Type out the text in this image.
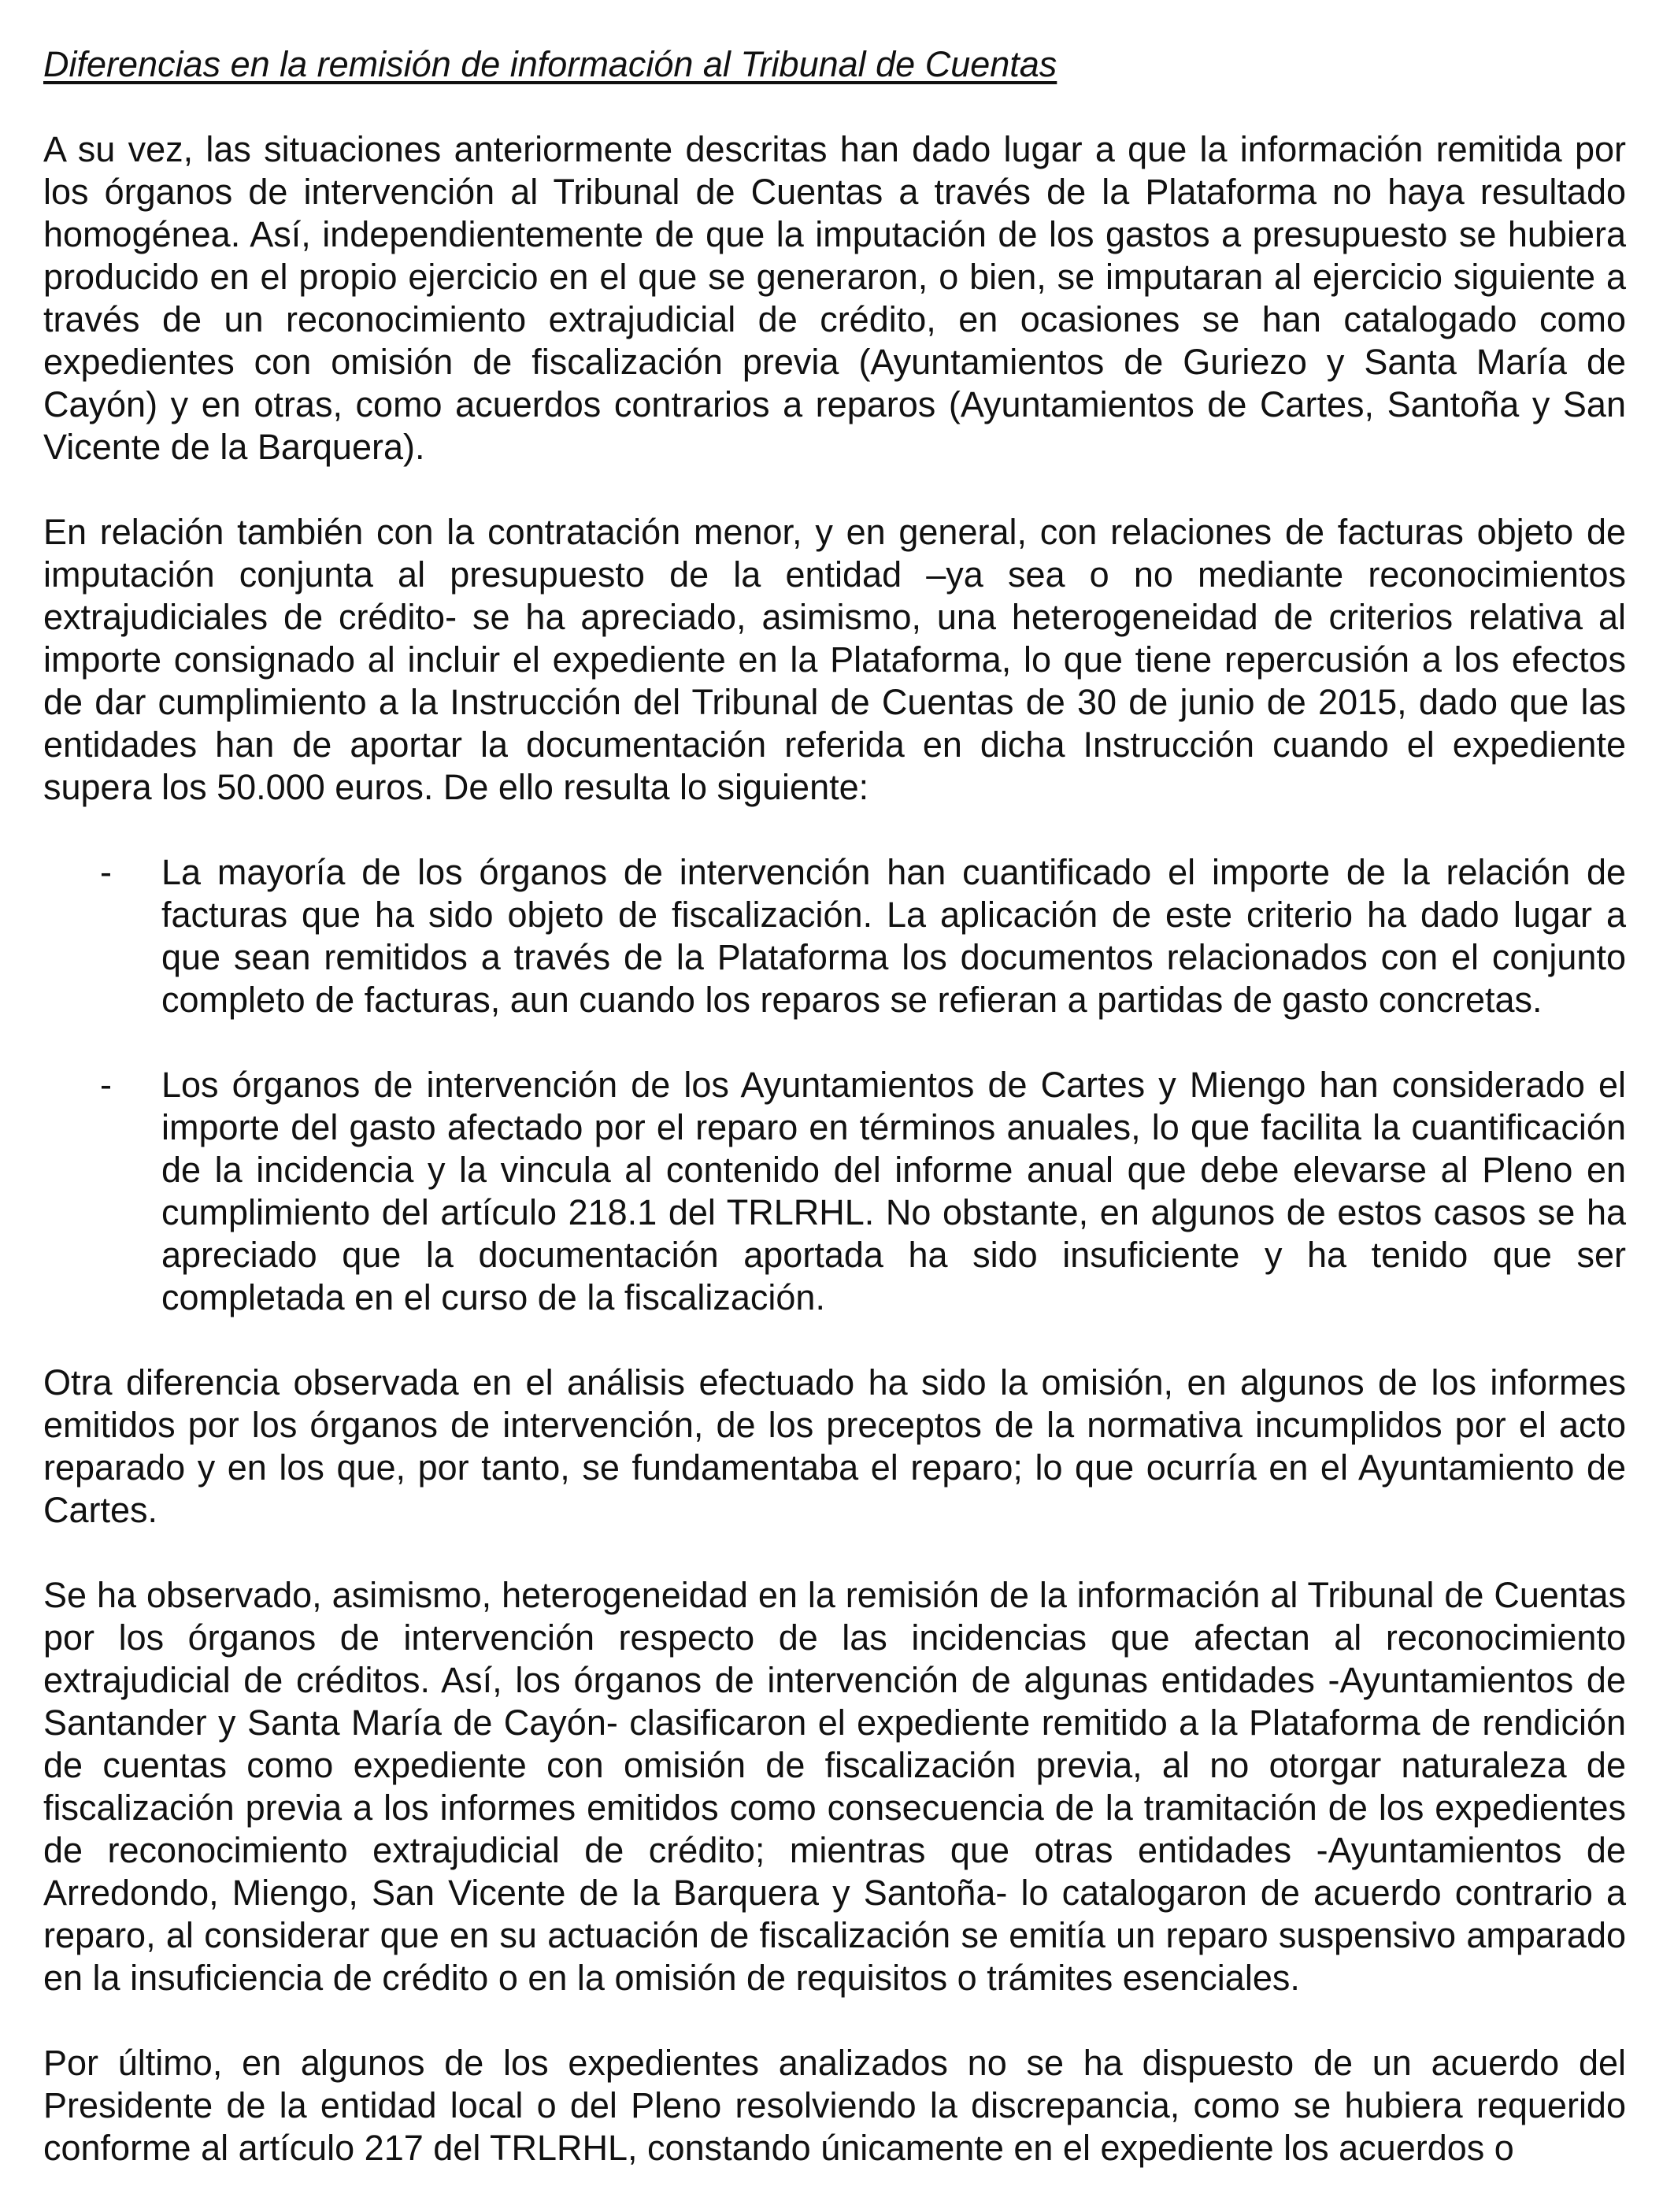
Diferencias en la remisión de información al Tribunal de Cuentas

A su vez, las situaciones anteriormente descritas han dado lugar a que la información remitida por los órganos de intervención al Tribunal de Cuentas a través de la Plataforma no haya resultado homogénea. Así, independientemente de que la imputación de los gastos a presupuesto se hubiera producido en el propio ejercicio en el que se generaron, o bien, se imputaran al ejercicio siguiente a través de un reconocimiento extrajudicial de crédito, en ocasiones se han catalogado como expedientes con omisión de fiscalización previa (Ayuntamientos de Guriezo y Santa María de Cayón) y en otras, como acuerdos contrarios a reparos (Ayuntamientos de Cartes, Santoña y San Vicente de la Barquera).

En relación también con la contratación menor, y en general, con relaciones de facturas objeto de imputación conjunta al presupuesto de la entidad –ya sea o no mediante reconocimientos extrajudiciales de crédito- se ha apreciado, asimismo, una heterogeneidad de criterios relativa al importe consignado al incluir el expediente en la Plataforma, lo que tiene repercusión a los efectos de dar cumplimiento a la Instrucción del Tribunal de Cuentas de 30 de junio de 2015, dado que las entidades han de aportar la documentación referida en dicha Instrucción cuando el expediente supera los 50.000 euros. De ello resulta lo siguiente:

-	La mayoría de los órganos de intervención han cuantificado el importe de la relación de facturas que ha sido objeto de fiscalización. La aplicación de este criterio ha dado lugar a que sean remitidos a través de la Plataforma los documentos relacionados con el conjunto completo de facturas, aun cuando los reparos se refieran a partidas de gasto concretas.
-	Los órganos de intervención de los Ayuntamientos de Cartes y Miengo han considerado el importe del gasto afectado por el reparo en términos anuales, lo que facilita la cuantificación de la incidencia y la vincula al contenido del informe anual que debe elevarse al Pleno en cumplimiento del artículo 218.1 del TRLRHL. No obstante, en algunos de estos casos se ha apreciado que la documentación aportada ha sido insuficiente y ha tenido que ser completada en el curso de la fiscalización.

Otra diferencia observada en el análisis efectuado ha sido la omisión, en algunos de los informes emitidos por los órganos de intervención, de los preceptos de la normativa incumplidos por el acto reparado y en los que, por tanto, se fundamentaba el reparo; lo que ocurría en el Ayuntamiento de Cartes.

Se ha observado, asimismo, heterogeneidad en la remisión de la información al Tribunal de Cuentas por los órganos de intervención respecto de las incidencias que afectan al reconocimiento extrajudicial de créditos. Así, los órganos de intervención de algunas entidades -Ayuntamientos de Santander y Santa María de Cayón- clasificaron el expediente remitido a la Plataforma de rendición de cuentas como expediente con omisión de fiscalización previa, al no otorgar naturaleza de fiscalización previa a los informes emitidos como consecuencia de la tramitación de los expedientes de reconocimiento extrajudicial de crédito; mientras que otras entidades -Ayuntamientos de Arredondo, Miengo, San Vicente de la Barquera y Santoña- lo catalogaron de acuerdo contrario a reparo, al considerar que en su actuación de fiscalización se emitía un reparo suspensivo amparado en la insuficiencia de crédito o en la omisión de requisitos o trámites esenciales.

Por último, en algunos de los expedientes analizados no se ha dispuesto de un acuerdo del Presidente de la entidad local o del Pleno resolviendo la discrepancia, como se hubiera requerido conforme al artículo 217 del TRLRHL, constando únicamente en el expediente los acuerdos o
